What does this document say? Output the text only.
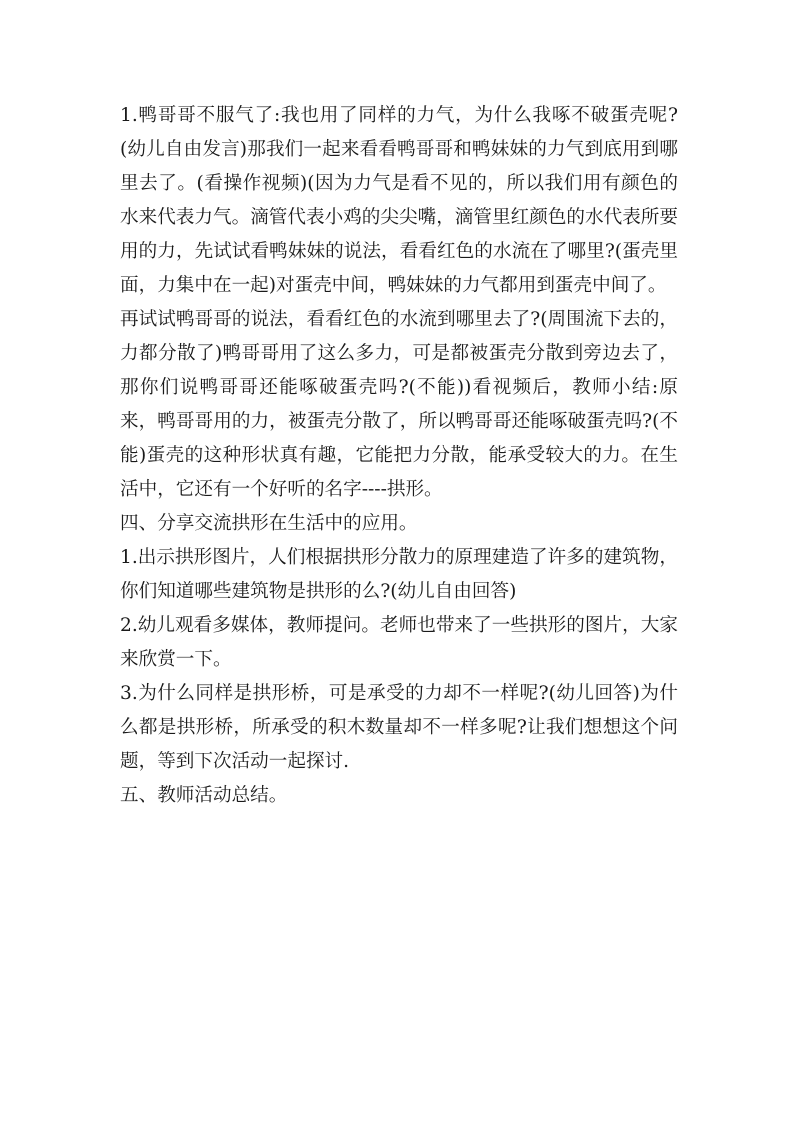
1.鸭哥哥不服气了:我也用了同样的力气，为什么我啄不破蛋壳呢?(幼儿自由发言)那我们一起来看看鸭哥哥和鸭妹妹的力气到底用到哪里去了。(看操作视频)(因为力气是看不见的，所以我们用有颜色的水来代表力气。滴管代表小鸡的尖尖嘴，滴管里红颜色的水代表所要用的力，先试试看鸭妹妹的说法，看看红色的水流在了哪里?(蛋壳里面，力集中在一起)对蛋壳中间，鸭妹妹的力气都用到蛋壳中间了。

再试试鸭哥哥的说法，看看红色的水流到哪里去了?(周围流下去的，力都分散了)鸭哥哥用了这么多力，可是都被蛋壳分散到旁边去了，那你们说鸭哥哥还能啄破蛋壳吗?(不能))看视频后，教师小结:原来，鸭哥哥用的力，被蛋壳分散了，所以鸭哥哥还能啄破蛋壳吗?(不能)蛋壳的这种形状真有趣，它能把力分散，能承受较大的力。在生活中，它还有一个好听的名字----拱形。

四、分享交流拱形在生活中的应用。

1.出示拱形图片，人们根据拱形分散力的原理建造了许多的建筑物，你们知道哪些建筑物是拱形的么?(幼儿自由回答)

2.幼儿观看多媒体，教师提问。老师也带来了一些拱形的图片，大家来欣赏一下。

3.为什么同样是拱形桥，可是承受的力却不一样呢?(幼儿回答)为什么都是拱形桥，所承受的积木数量却不一样多呢?让我们想想这个问题，等到下次活动一起探讨.

五、教师活动总结。
